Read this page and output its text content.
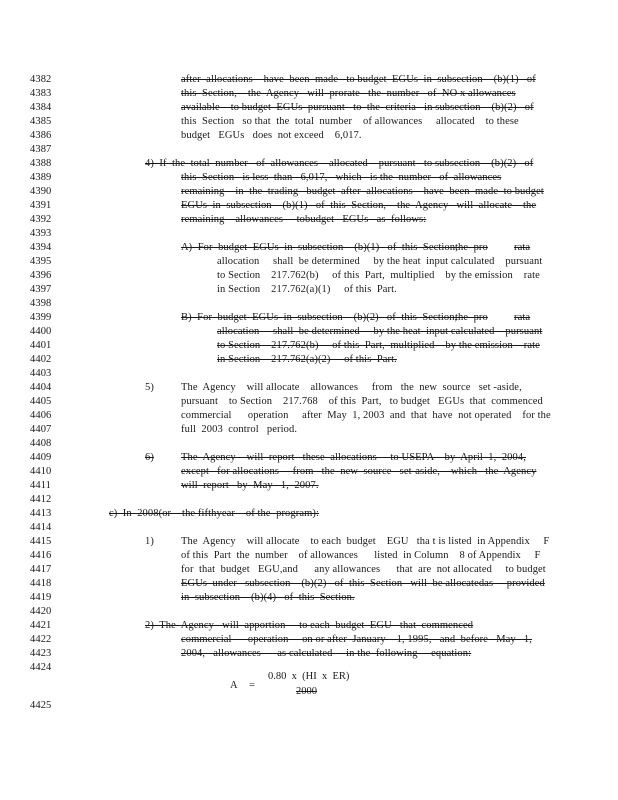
4382
4383
4384
4385
4386
4387
4388
4389
4390
4391
4392
4393
4394
4395
4396
4397
4398
4399
4400
4401
4402
4403
4404
4405
4406
4407
4408
4409
4410
4411
4412
4413
4414
4415
4416
4417
4418
4419
4420
4421
4422
4423
4424
4425
after  allocations    have  been  made   to budget  EGUs  in  subsection    (b)(1)   of
this  Section,    the  Agency   will  prorate   the  number   of  NO x allowances
available    to budget  EGUs  pursuant   to  the  criteria   in subsection    (b)(2)   of
this  Section   so that  the  total  number    of allowances     allocated    to these
budget   EGUs   does  not exceed    6,017.
4)  If  the  total  number   of  allowances    allocated    pursuant   to subsection    (b)(2)   of
this  Section   is less  than   6,017,   which   is the  number   of  allowances
remaining    in  the  trading   budget  after  allocations    have  been  made  to budget
EGUs  in  subsection    (b)(1)   of  this  Section,    the  Agency   will  allocate    the
remaining    allowances     tobudget   EGUs   as  follows:
A)  For  budget  EGUs  in  subsection    (b)(1)   of  this  Section,
the  pro rata
allocation     shall  be determined     by the heat  input calculated    pursuant
to Section    217.762(b)     of this  Part,  multiplied    by the emission    rate
in Section    217.762(a)(1)     of this  Part.
B)  For  budget  EGUs  in  subsection    (b)(2)   of  this  Section,
the  pro rata
allocation     shall  be determined     by the heat  input calculated    pursuant
to Section    217.762(b)     of this  Part,  multiplied    by the emission    rate
in Section    217.762(a)(2)     of this  Part.
5)	The  Agency    will allocate    allowances     from   the  new  source   set -aside,
pursuant    to Section    217.768    of this  Part,   to budget   EGUs  that  commenced
commercial      operation     after  May  1, 2003  and  that  have  not operated    for the
full  2003  control   period.
6)	The  Agency    will  report   these  allocations     to USEPA    by  April  1,  2004,
except   for allocations     from   the  new  source   set-aside,    which   the  Agency
will  report   by  May   1,  2007.
c)  In  2008(or    the fifthyear    of the  program):
1)	The  Agency    will allocate    to each  budget    EGU   tha t is listed  in Appendix     F
of this  Part  the  number    of allowances      listed  in Column    8 of Appendix     F
for  that  budget   EGU,and      any allowances      that  are  not allocated     to budget
EGUs  under   subsection    (b)(2)   of  this  Section   will  be allocatedas     provided
in  subsection    (b)(4)   of  this  Section.
2)  The  Agency   will  apportion     to each  budget  EGU   that  commenced
commercial      operation     on or after  January    1, 1995,   and  before   May   1,
2004,   allowances      as calculated     in the  following     equation:
A =
0.80  x  (HI  x  ER)
2000
